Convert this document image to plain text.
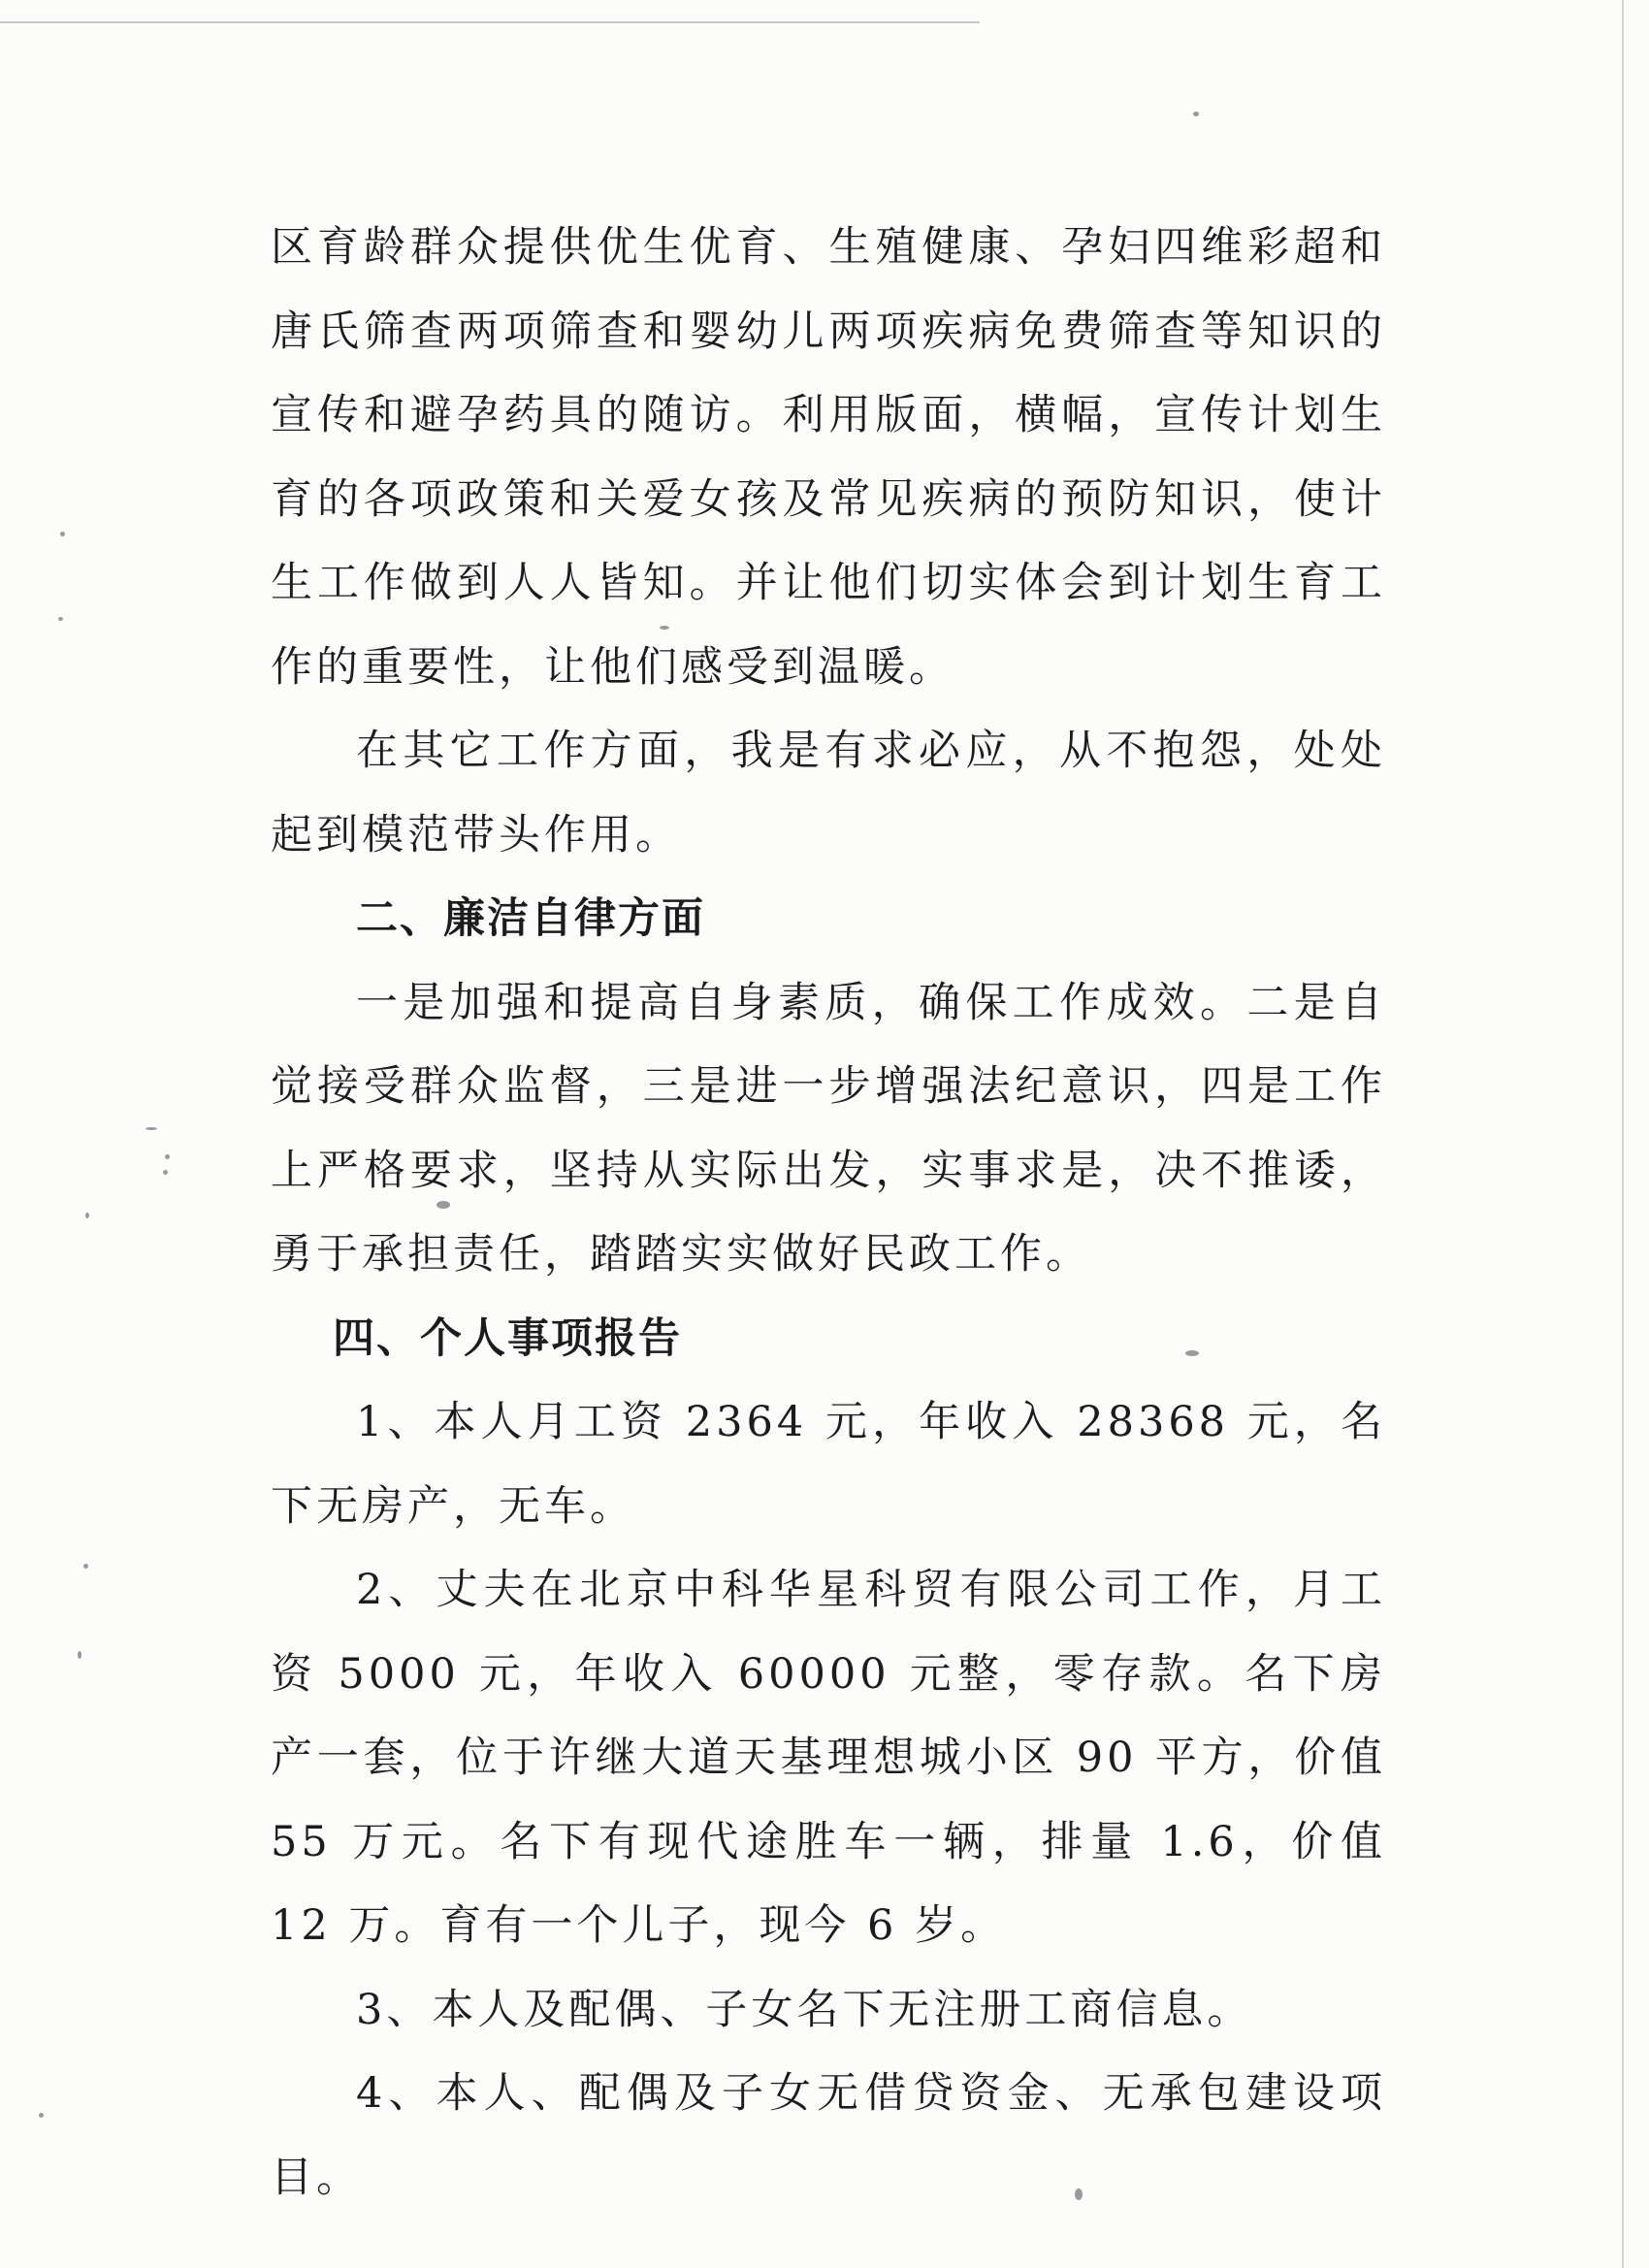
区育龄群众提供优生优育、生殖健康、孕妇四维彩超和唐氏筛查两项筛查和婴幼儿两项疾病免费筛查等知识的宣传和避孕药具的随访。利用版面，横幅，宣传计划生育的各项政策和关爱女孩及常见疾病的预防知识，使计生工作做到人人皆知。并让他们切实体会到计划生育工作的重要性，让他们感受到温暖。

在其它工作方面，我是有求必应，从不抱怨，处处起到模范带头作用。

二、廉洁自律方面

一是加强和提高自身素质，确保工作成效。二是自觉接受群众监督，三是进一步增强法纪意识，四是工作上严格要求，坚持从实际出发，实事求是，决不推诿，勇于承担责任，踏踏实实做好民政工作。

四、个人事项报告

1、本人月工资 2364 元，年收入 28368 元，名下无房产，无车。

2、丈夫在北京中科华星科贸有限公司工作，月工资 5000 元，年收入 60000 元整，零存款。名下房产一套，位于许继大道天基理想城小区 90 平方，价值 55 万元。名下有现代途胜车一辆，排量 1.6，价值 12 万。育有一个儿子，现今 6 岁。

3、本人及配偶、子女名下无注册工商信息。

4、本人、配偶及子女无借贷资金、无承包建设项目。
